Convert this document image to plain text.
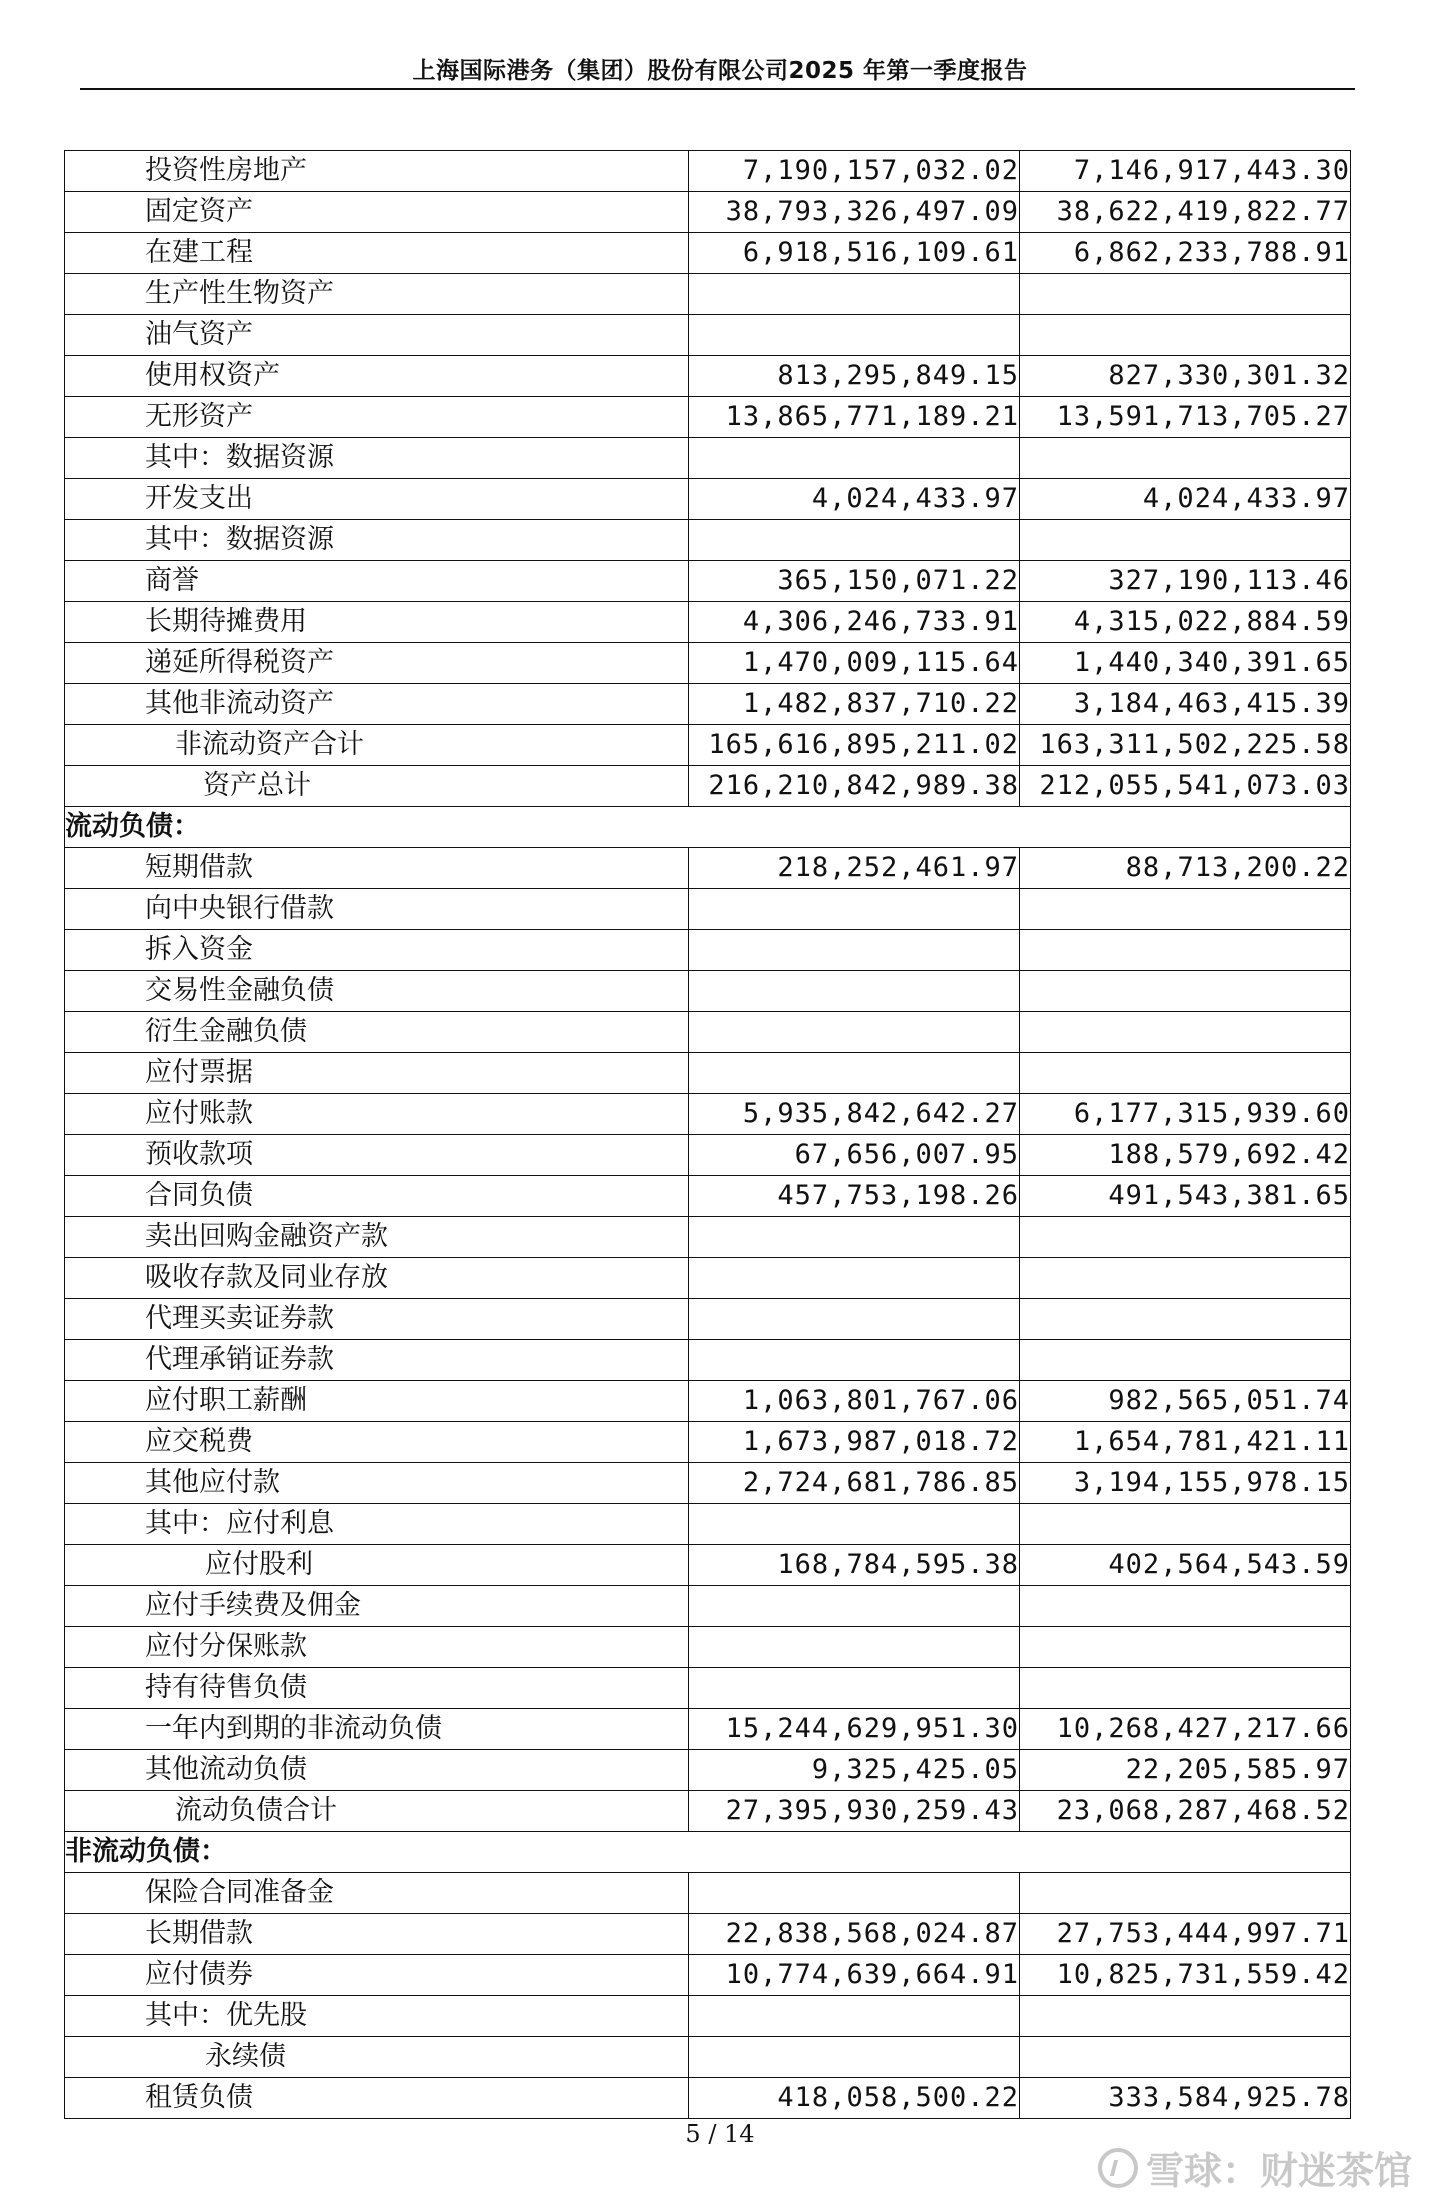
上海国际港务（集团）股份有限公司2025 年第一季度报告
投资性房地产	7,190,157,032.02	7,146,917,443.30
固定资产	38,793,326,497.09	38,622,419,822.77
在建工程	6,918,516,109.61	6,862,233,788.91
生产性生物资产		
油气资产		
使用权资产	813,295,849.15	827,330,301.32
无形资产	13,865,771,189.21	13,591,713,705.27
其中：数据资源		
开发支出	4,024,433.97	4,024,433.97
其中：数据资源		
商誉	365,150,071.22	327,190,113.46
长期待摊费用	4,306,246,733.91	4,315,022,884.59
递延所得税资产	1,470,009,115.64	1,440,340,391.65
其他非流动资产	1,482,837,710.22	3,184,463,415.39
非流动资产合计	165,616,895,211.02	163,311,502,225.58
资产总计	216,210,842,989.38	212,055,541,073.03
流动负债：		
短期借款	218,252,461.97	88,713,200.22
向中央银行借款		
拆入资金		
交易性金融负债		
衍生金融负债		
应付票据		
应付账款	5,935,842,642.27	6,177,315,939.60
预收款项	67,656,007.95	188,579,692.42
合同负债	457,753,198.26	491,543,381.65
卖出回购金融资产款		
吸收存款及同业存放		
代理买卖证券款		
代理承销证券款		
应付职工薪酬	1,063,801,767.06	982,565,051.74
应交税费	1,673,987,018.72	1,654,781,421.11
其他应付款	2,724,681,786.85	3,194,155,978.15
其中：应付利息		
应付股利	168,784,595.38	402,564,543.59
应付手续费及佣金		
应付分保账款		
持有待售负债		
一年内到期的非流动负债	15,244,629,951.30	10,268,427,217.66
其他流动负债	9,325,425.05	22,205,585.97
流动负债合计	27,395,930,259.43	23,068,287,468.52
非流动负债：		
保险合同准备金		
长期借款	22,838,568,024.87	27,753,444,997.71
应付债券	10,774,639,664.91	10,825,731,559.42
其中：优先股		
永续债		
租赁负债	418,058,500.22	333,584,925.78
5 / 14
雪球：财迷茶馆
